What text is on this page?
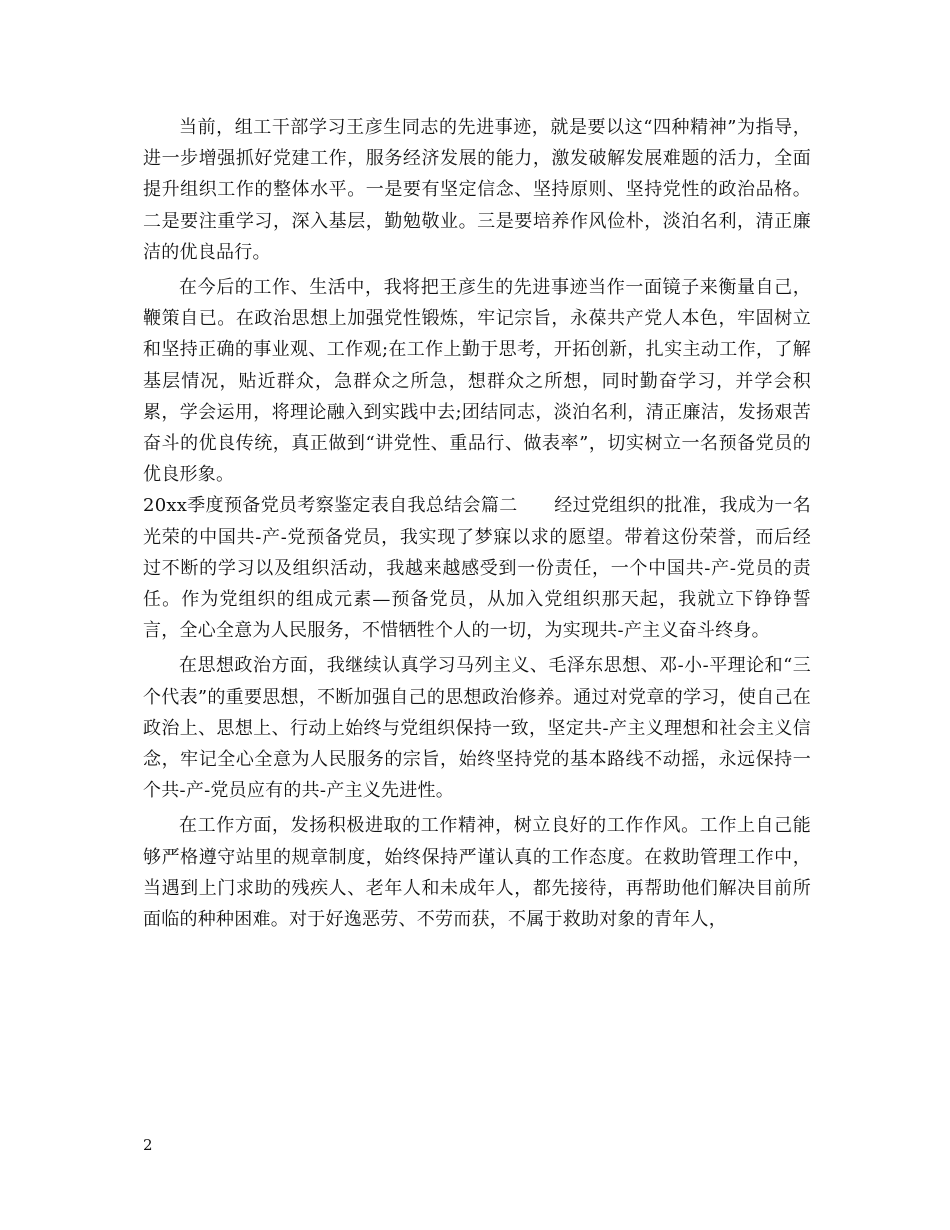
当前，组工干部学习王彦生同志的先进事迹，就是要以这“四种精神”为指导，进一步增强抓好党建工作，服务经济发展的能力，激发破解发展难题的活力，全面提升组织工作的整体水平。一是要有坚定信念、坚持原则、坚持党性的政治品格。二是要注重学习，深入基层，勤勉敬业。三是要培养作风俭朴，淡泊名利，清正廉洁的优良品行。

在今后的工作、生活中，我将把王彦生的先进事迹当作一面镜子来衡量自己，鞭策自已。在政治思想上加强党性锻炼，牢记宗旨，永葆共产党人本色，牢固树立和坚持正确的事业观、工作观;在工作上勤于思考，开拓创新，扎实主动工作，了解基层情况，贴近群众，急群众之所急，想群众之所想，同时勤奋学习，并学会积累，学会运用，将理论融入到实践中去;团结同志，淡泊名利，清正廉洁，发扬艰苦奋斗的优良传统，真正做到“讲党性、重品行、做表率”，切实树立一名预备党员的优良形象。

20xx季度预备党员考察鉴定表自我总结会篇二　　经过党组织的批准，我成为一名光荣的中国共-产-党预备党员，我实现了梦寐以求的愿望。带着这份荣誉，而后经过不断的学习以及组织活动，我越来越感受到一份责任，一个中国共-产-党员的责任。作为党组织的组成元素—预备党员，从加入党组织那天起，我就立下铮铮誓言，全心全意为人民服务，不惜牺牲个人的一切，为实现共-产主义奋斗终身。

在思想政治方面，我继续认真学习马列主义、毛泽东思想、邓-小-平理论和“三个代表”的重要思想，不断加强自己的思想政治修养。通过对党章的学习，使自己在政治上、思想上、行动上始终与党组织保持一致，坚定共-产主义理想和社会主义信念，牢记全心全意为人民服务的宗旨，始终坚持党的基本路线不动摇，永远保持一个共-产-党员应有的共-产主义先进性。

在工作方面，发扬积极进取的工作精神，树立良好的工作作风。工作上自己能够严格遵守站里的规章制度，始终保持严谨认真的工作态度。在救助管理工作中，当遇到上门求助的残疾人、老年人和未成年人，都先接待，再帮助他们解决目前所面临的种种困难。对于好逸恶劳、不劳而获，不属于救助对象的青年人，

2
